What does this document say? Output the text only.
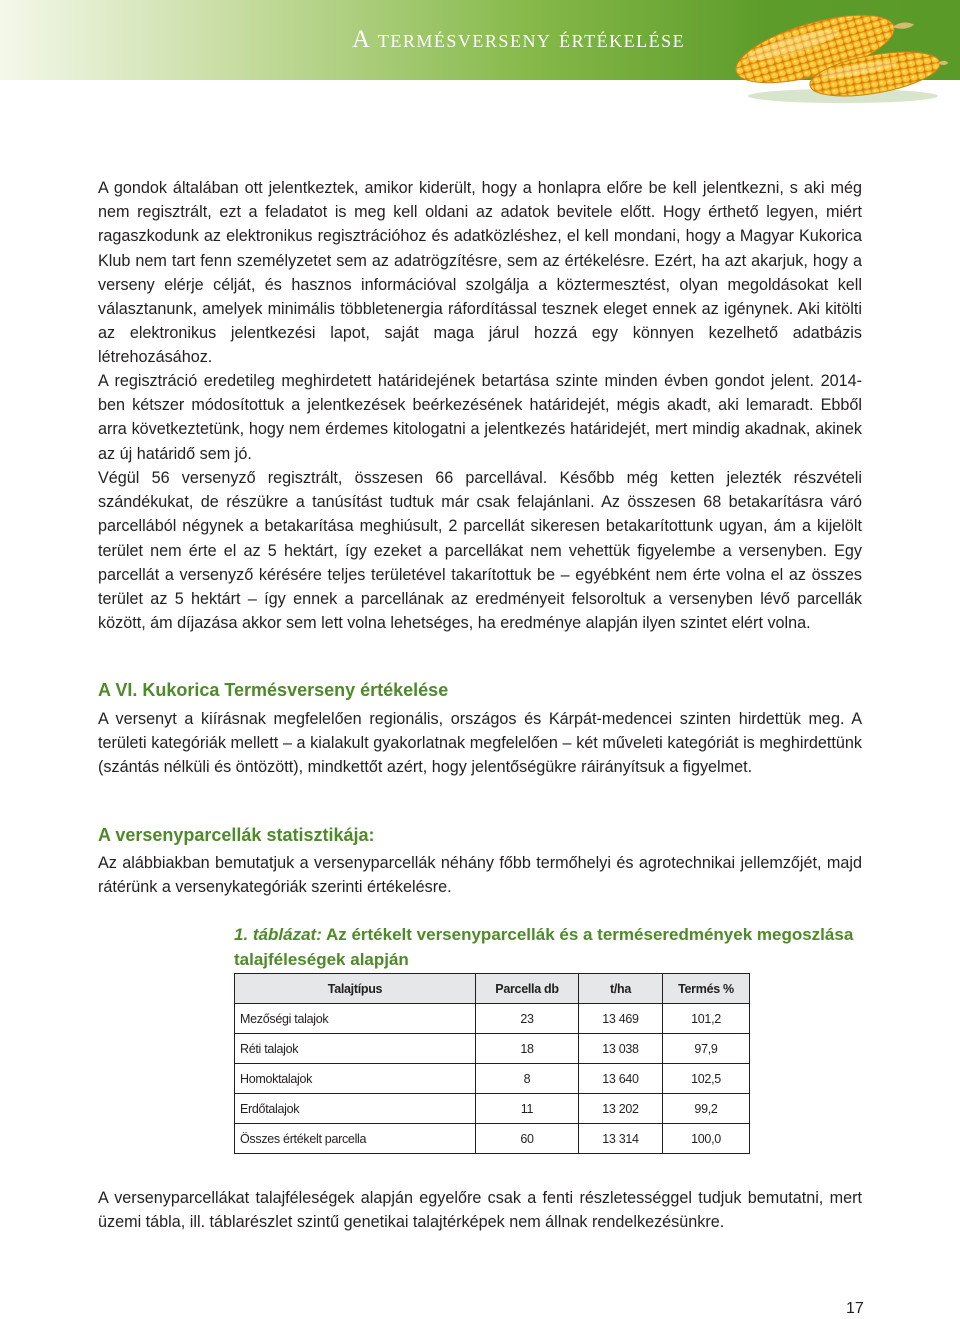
A termésverseny értékelése

A gondok általában ott jelentkeztek, amikor kiderült, hogy a honlapra előre be kell jelentkezni, s aki még nem regisztrált, ezt a feladatot is meg kell oldani az adatok bevitele előtt. Hogy érthető legyen, miért ragaszkodunk az elektronikus regisztrációhoz és adatközléshez, el kell mondani, hogy a Magyar Kukorica Klub nem tart fenn személyzetet sem az adatrögzítésre, sem az értékelésre. Ezért, ha azt akarjuk, hogy a verseny elérje célját, és hasznos információval szolgálja a köztermesztést, olyan megoldásokat kell választanunk, amelyek minimális többletenergia ráfordítással tesznek eleget ennek az igénynek. Aki kitölti az elektronikus jelentkezési lapot, saját maga járul hozzá egy könnyen kezelhető adatbázis létrehozásához.

A regisztráció eredetileg meghirdetett határidejének betartása szinte minden évben gondot jelent. 2014-ben kétszer módosítottuk a jelentkezések beérkezésének határidejét, mégis akadt, aki lemaradt. Ebből arra következtetünk, hogy nem érdemes kitologatni a jelentkezés határidejét, mert mindig akadnak, akinek az új határidő sem jó.

Végül 56 versenyző regisztrált, összesen 66 parcellával. Később még ketten jelezték részvételi szándékukat, de részükre a tanúsítást tudtuk már csak felajánlani. Az összesen 68 betakarításra váró parcellából négynek a betakarítása meghiúsult, 2 parcellát sikeresen betakarítottunk ugyan, ám a kijelölt terület nem érte el az 5 hektárt, így ezeket a parcellákat nem vehettük figyelembe a versenyben. Egy parcellát a versenyző kérésére teljes területével takarítottuk be – egyébként nem érte volna el az összes terület az 5 hektárt – így ennek a parcellának az eredményeit felsoroltuk a versenyben lévő parcellák között, ám díjazása akkor sem lett volna lehetséges, ha eredménye alapján ilyen szintet elért volna.

A VI. Kukorica Termésverseny értékelése

A versenyt a kiírásnak megfelelően regionális, országos és Kárpát-medencei szinten hirdettük meg. A területi kategóriák mellett – a kialakult gyakorlatnak megfelelően – két műveleti kategóriát is meghirdettünk (szántás nélküli és öntözött), mindkettőt azért, hogy jelentőségükre ráirányítsuk a figyelmet.

A versenyparcellák statisztikája:

Az alábbiakban bemutatjuk a versenyparcellák néhány főbb termőhelyi és agrotechnikai jellemzőjét, majd rátérünk a versenykategóriák szerinti értékelésre.

1. táblázat: Az értékelt versenyparcellák és a terméseredmények megoszlása talajféleségek alapján
Talajtípus	Parcella db	t/ha	Termés %
Mezőségi talajok	23	13 469	101,2
Réti talajok	18	13 038	97,9
Homoktalajok	8	13 640	102,5
Erdőtalajok	11	13 202	99,2
Összes értékelt parcella	60	13 314	100,0

A versenyparcellákat talajféleségek alapján egyelőre csak a fenti részletességgel tudjuk bemutatni, mert üzemi tábla, ill. táblarészlet szintű genetikai talajtérképek nem állnak rendelkezésünkre.

17
